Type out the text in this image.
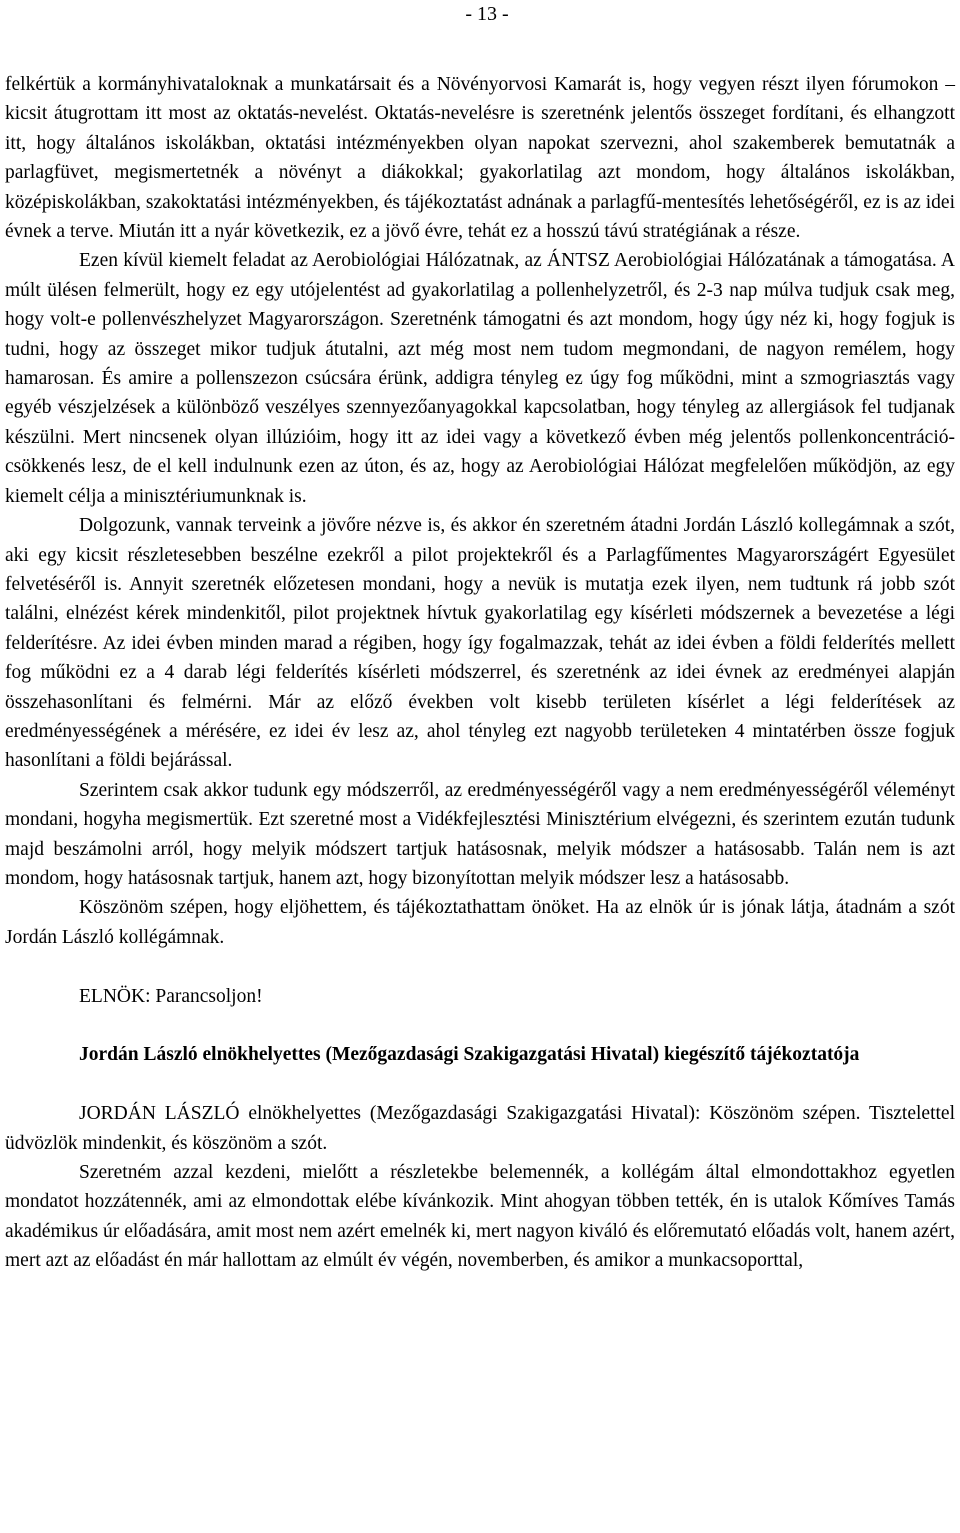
- 13 -

felkértük a kormányhivataloknak a munkatársait és a Növényorvosi Kamarát is, hogy vegyen részt ilyen fórumokon – kicsit átugrottam itt most az oktatás-nevelést. Oktatás-nevelésre is szeretnénk jelentős összeget fordítani, és elhangzott itt, hogy általános iskolákban, oktatási intézményekben olyan napokat szervezni, ahol szakemberek bemutatnák a parlagfüvet, megismertetnék a növényt a diákokkal; gyakorlatilag azt mondom, hogy általános iskolákban, középiskolákban, szakoktatási intézményekben, és tájékoztatást adnának a parlagfű-mentesítés lehetőségéről, ez is az idei évnek a terve. Miután itt a nyár következik, ez a jövő évre, tehát ez a hosszú távú stratégiának a része.

Ezen kívül kiemelt feladat az Aerobiológiai Hálózatnak, az ÁNTSZ Aerobiológiai Hálózatának a támogatása. A múlt ülésen felmerült, hogy ez egy utójelentést ad gyakorlatilag a pollenhelyzetről, és 2-3 nap múlva tudjuk csak meg, hogy volt-e pollenvészhelyzet Magyarországon. Szeretnénk támogatni és azt mondom, hogy úgy néz ki, hogy fogjuk is tudni, hogy az összeget mikor tudjuk átutalni, azt még most nem tudom megmondani, de nagyon remélem, hogy hamarosan. És amire a pollenszezon csúcsára érünk, addigra tényleg ez úgy fog működni, mint a szmogriasztás vagy egyéb vészjelzések a különböző veszélyes szennyezőanyagokkal kapcsolatban, hogy tényleg az allergiások fel tudjanak készülni. Mert nincsenek olyan illúzióim, hogy itt az idei vagy a következő évben még jelentős pollenkoncentráció-csökkenés lesz, de el kell indulnunk ezen az úton, és az, hogy az Aerobiológiai Hálózat megfelelően működjön, az egy kiemelt célja a minisztériumunknak is.

Dolgozunk, vannak terveink a jövőre nézve is, és akkor én szeretném átadni Jordán László kollegámnak a szót, aki egy kicsit részletesebben beszélne ezekről a pilot projektekről és a Parlagfűmentes Magyarországért Egyesület felvetéséről is. Annyit szeretnék előzetesen mondani, hogy a nevük is mutatja ezek ilyen, nem tudtunk rá jobb szót találni, elnézést kérek mindenkitől, pilot projektnek hívtuk gyakorlatilag egy kísérleti módszernek a bevezetése a légi felderítésre. Az idei évben minden marad a régiben, hogy így fogalmazzak, tehát az idei évben a földi felderítés mellett fog működni ez a 4 darab légi felderítés kísérleti módszerrel, és szeretnénk az idei évnek az eredményei alapján összehasonlítani és felmérni. Már az előző években volt kisebb területen kísérlet a légi felderítések az eredményességének a mérésére, ez idei év lesz az, ahol tényleg ezt nagyobb területeken 4 mintatérben össze fogjuk hasonlítani a földi bejárással.

Szerintem csak akkor tudunk egy módszerről, az eredményességéről vagy a nem eredményességéről véleményt mondani, hogyha megismertük. Ezt szeretné most a Vidékfejlesztési Minisztérium elvégezni, és szerintem ezután tudunk majd beszámolni arról, hogy melyik módszert tartjuk hatásosnak, melyik módszer a hatásosabb. Talán nem is azt mondom, hogy hatásosnak tartjuk, hanem azt, hogy bizonyítottan melyik módszer lesz a hatásosabb.

Köszönöm szépen, hogy eljöhettem, és tájékoztathattam önöket. Ha az elnök úr is jónak látja, átadnám a szót Jordán László kollégámnak.

ELNÖK: Parancsoljon!

Jordán László elnökhelyettes (Mezőgazdasági Szakigazgatási Hivatal) kiegészítő tájékoztatója

JORDÁN LÁSZLÓ elnökhelyettes (Mezőgazdasági Szakigazgatási Hivatal): Köszönöm szépen. Tisztelettel üdvözlök mindenkit, és köszönöm a szót.

Szeretném azzal kezdeni, mielőtt a részletekbe belemennék, a kollégám által elmondottakhoz egyetlen mondatot hozzátennék, ami az elmondottak elébe kívánkozik. Mint ahogyan többen tették, én is utalok Kőmíves Tamás akadémikus úr előadására, amit most nem azért emelnék ki, mert nagyon kiváló és előremutató előadás volt, hanem azért, mert azt az előadást én már hallottam az elmúlt év végén, novemberben, és amikor a munkacsoporttal,
